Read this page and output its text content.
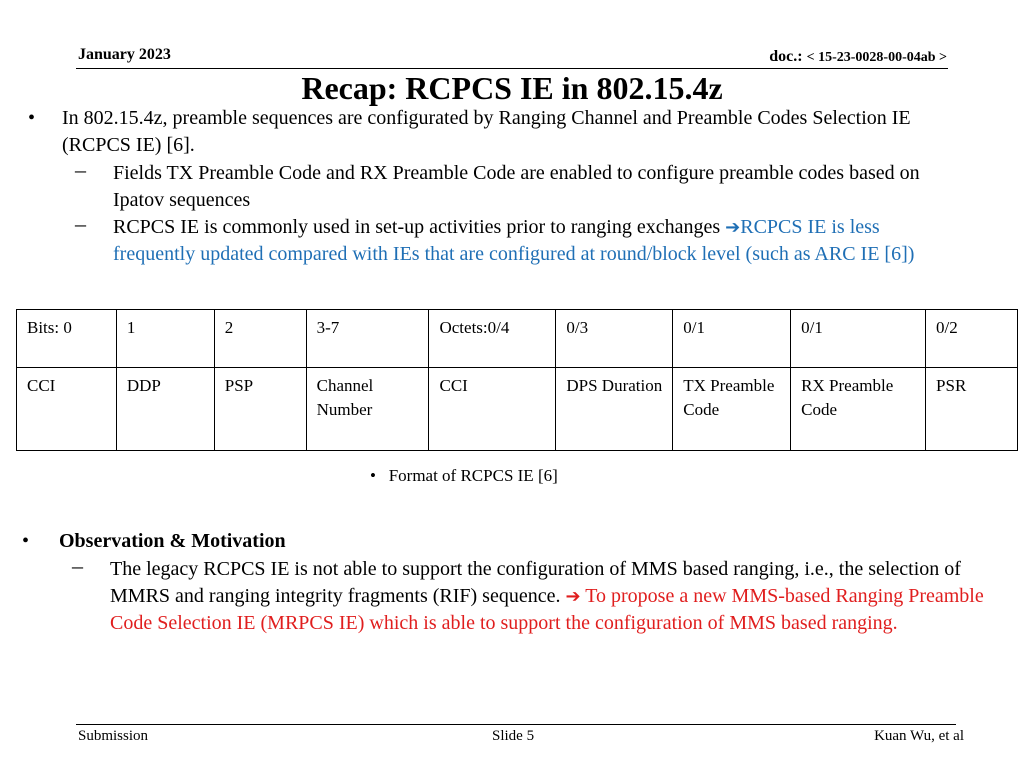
January 2023	doc.: < 15-23-0028-00-04ab >
Recap: RCPCS IE in 802.15.4z
• In 802.15.4z, preamble sequences are configurated by Ranging Channel and Preamble Codes Selection IE (RCPCS IE) [6].
– Fields TX Preamble Code and RX Preamble Code are enabled to configure preamble codes based on Ipatov sequences
– RCPCS IE is commonly used in set-up activities prior to ranging exchanges ➔RCPCS IE is less frequently updated compared with IEs that are configured at round/block level (such as ARC IE [6])
Bits: 0	1	2	3-7	Octets:0/4	0/3	0/1	0/1	0/2
CCI	DDP	PSP	Channel Number	CCI	DPS Duration	TX Preamble Code	RX Preamble Code	PSR
• Format of RCPCS IE [6]
• Observation & Motivation
– The legacy RCPCS IE is not able to support the configuration of MMS based ranging, i.e., the selection of MMRS and ranging integrity fragments (RIF) sequence. ➔ To propose a new MMS-based Ranging Preamble Code Selection IE (MRPCS IE) which is able to support the configuration of MMS based ranging.
Submission	Slide 5	Kuan Wu, et al
